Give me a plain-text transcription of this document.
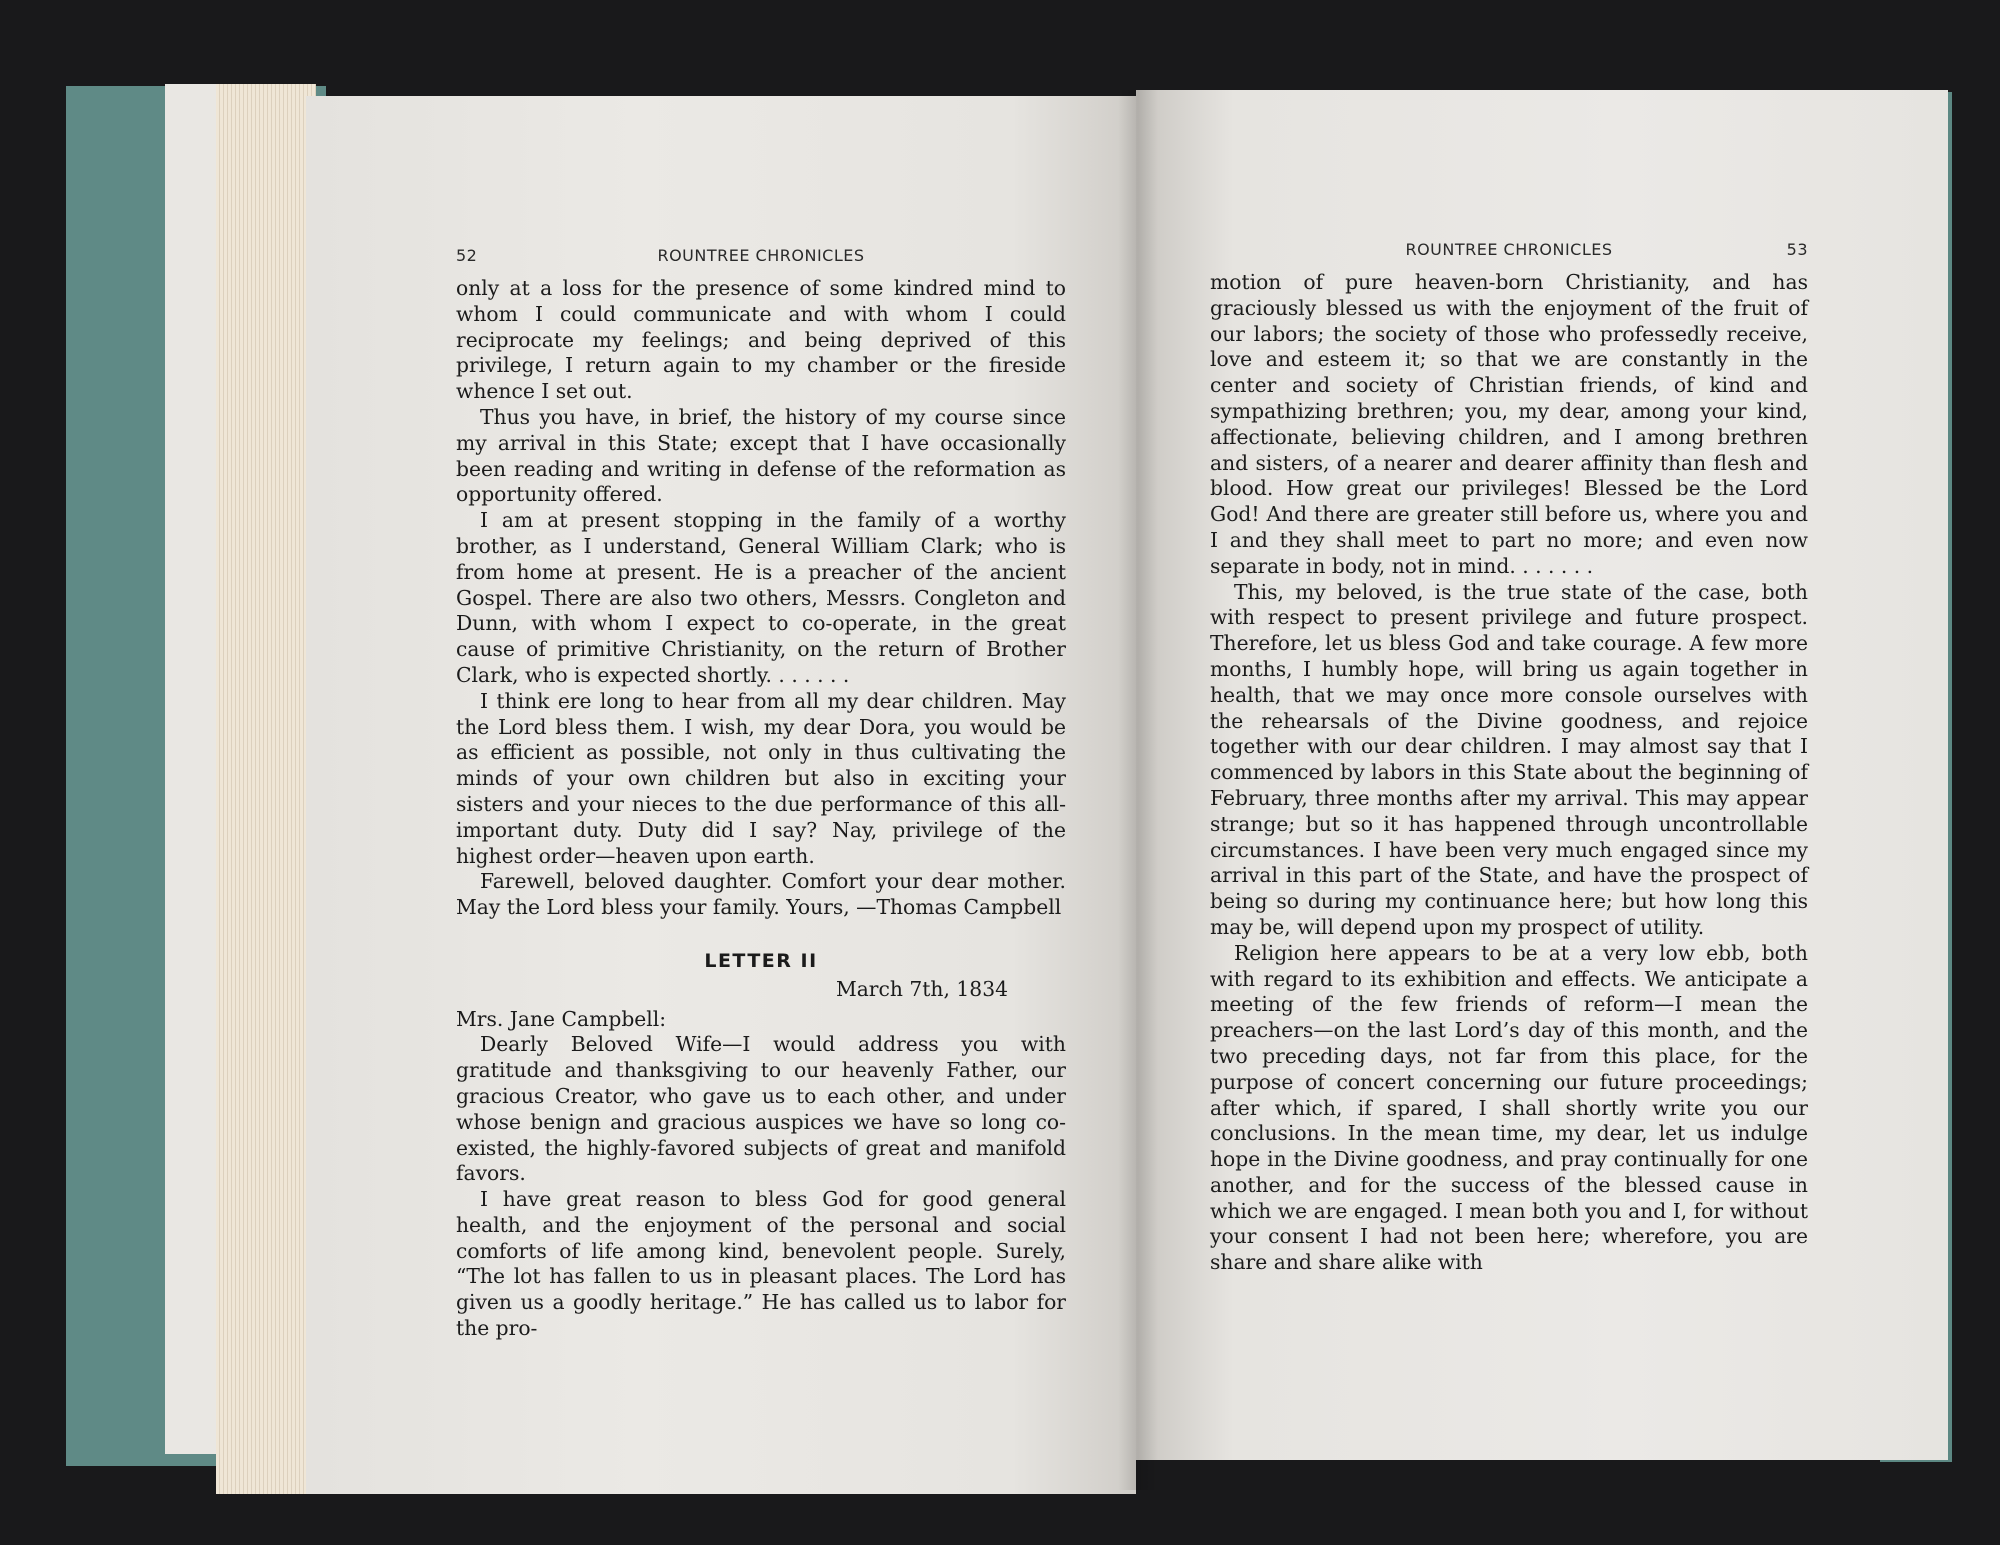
52	ROUNTREE CHRONICLES

only at a loss for the presence of some kindred mind to whom I could communicate and with whom I could reciprocate my feelings; and being deprived of this privilege, I return again to my chamber or the fireside whence I set out.

Thus you have, in brief, the history of my course since my arrival in this State; except that I have occasionally been reading and writing in defense of the reformation as opportunity offered.

I am at present stopping in the family of a worthy brother, as I understand, General William Clark; who is from home at present. He is a preacher of the ancient Gospel. There are also two others, Messrs. Congleton and Dunn, with whom I expect to co-operate, in the great cause of primitive Christianity, on the return of Brother Clark, who is expected shortly. . . . . . .

I think ere long to hear from all my dear children. May the Lord bless them. I wish, my dear Dora, you would be as efficient as possible, not only in thus cultivating the minds of your own children but also in exciting your sisters and your nieces to the due performance of this all-important duty. Duty did I say? Nay, privilege of the highest order—heaven upon earth.

Farewell, beloved daughter. Comfort your dear mother. May the Lord bless your family. Yours, —Thomas Campbell

LETTER II
March 7th, 1834

Mrs. Jane Campbell:

Dearly Beloved Wife—I would address you with gratitude and thanksgiving to our heavenly Father, our gracious Creator, who gave us to each other, and under whose benign and gracious auspices we have so long co-existed, the highly-favored subjects of great and manifold favors.

I have great reason to bless God for good general health, and the enjoyment of the personal and social comforts of life among kind, benevolent people. Surely, “The lot has fallen to us in pleasant places. The Lord has given us a goodly heritage.” He has called us to labor for the pro-

ROUNTREE CHRONICLES	53

motion of pure heaven-born Christianity, and has graciously blessed us with the enjoyment of the fruit of our labors; the society of those who professedly receive, love and esteem it; so that we are constantly in the center and society of Christian friends, of kind and sympathizing brethren; you, my dear, among your kind, affectionate, believing children, and I among brethren and sisters, of a nearer and dearer affinity than flesh and blood. How great our privileges! Blessed be the Lord God! And there are greater still before us, where you and I and they shall meet to part no more; and even now separate in body, not in mind. . . . . . .

This, my beloved, is the true state of the case, both with respect to present privilege and future prospect. Therefore, let us bless God and take courage. A few more months, I humbly hope, will bring us again together in health, that we may once more console ourselves with the rehearsals of the Divine goodness, and rejoice together with our dear children. I may almost say that I commenced by labors in this State about the beginning of February, three months after my arrival. This may appear strange; but so it has happened through uncontrollable circumstances. I have been very much engaged since my arrival in this part of the State, and have the prospect of being so during my continuance here; but how long this may be, will depend upon my prospect of utility.

Religion here appears to be at a very low ebb, both with regard to its exhibition and effects. We anticipate a meeting of the few friends of reform—I mean the preachers—on the last Lord’s day of this month, and the two preceding days, not far from this place, for the purpose of concert concerning our future proceedings; after which, if spared, I shall shortly write you our conclusions. In the mean time, my dear, let us indulge hope in the Divine goodness, and pray continually for one another, and for the success of the blessed cause in which we are engaged. I mean both you and I, for without your consent I had not been here; wherefore, you are share and share alike with
